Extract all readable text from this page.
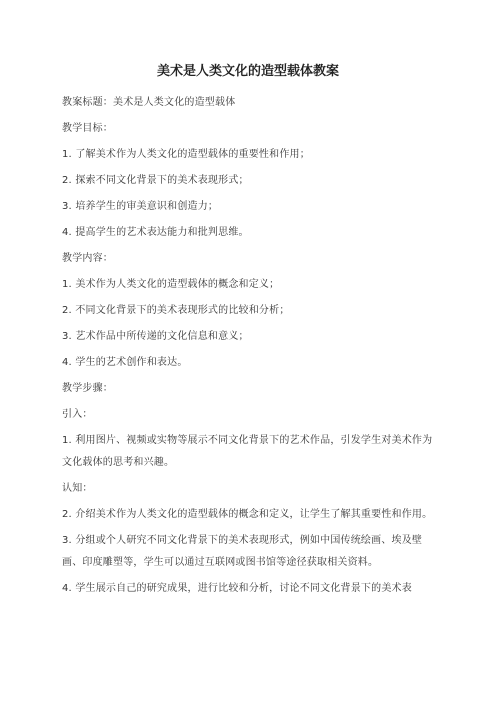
美术是人类文化的造型载体教案

教案标题：美术是人类文化的造型载体

教学目标：

1. 了解美术作为人类文化的造型载体的重要性和作用；

2. 探索不同文化背景下的美术表现形式；

3. 培养学生的审美意识和创造力；

4. 提高学生的艺术表达能力和批判思维。

教学内容：

1. 美术作为人类文化的造型载体的概念和定义；

2. 不同文化背景下的美术表现形式的比较和分析；

3. 艺术作品中所传递的文化信息和意义；

4. 学生的艺术创作和表达。

教学步骤：

引入：

1. 利用图片、视频或实物等展示不同文化背景下的艺术作品，引发学生对美术作为文化载体的思考和兴趣。

认知：

2. 介绍美术作为人类文化的造型载体的概念和定义，让学生了解其重要性和作用。

3. 分组或个人研究不同文化背景下的美术表现形式，例如中国传统绘画、埃及壁画、印度雕塑等，学生可以通过互联网或图书馆等途径获取相关资料。

4. 学生展示自己的研究成果，进行比较和分析，讨论不同文化背景下的美术表
